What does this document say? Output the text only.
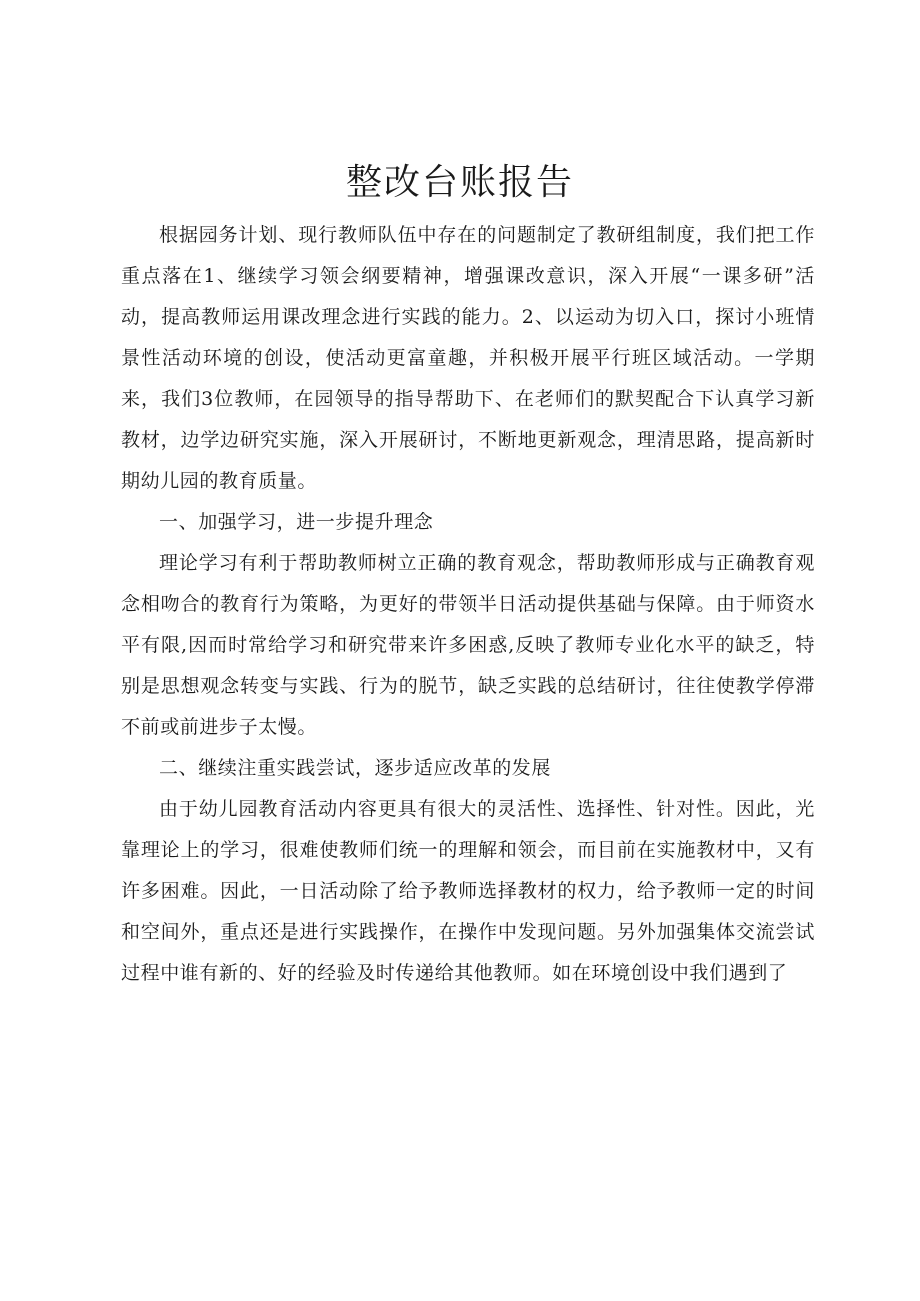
整改台账报告

根据园务计划、现行教师队伍中存在的问题制定了教研组制度，我们把工作重点落在1、继续学习领会纲要精神，增强课改意识，深入开展“一课多研”活动，提高教师运用课改理念进行实践的能力。2、以运动为切入口，探讨小班情景性活动环境的创设，使活动更富童趣，并积极开展平行班区域活动。一学期来，我们3位教师，在园领导的指导帮助下、在老师们的默契配合下认真学习新教材，边学边研究实施，深入开展研讨，不断地更新观念，理清思路，提高新时期幼儿园的教育质量。

一、加强学习，进一步提升理念

理论学习有利于帮助教师树立正确的教育观念，帮助教师形成与正确教育观念相吻合的教育行为策略，为更好的带领半日活动提供基础与保障。由于师资水平有限,因而时常给学习和研究带来许多困惑,反映了教师专业化水平的缺乏，特别是思想观念转变与实践、行为的脱节，缺乏实践的总结研讨，往往使教学停滞不前或前进步子太慢。

二、继续注重实践尝试，逐步适应改革的发展

由于幼儿园教育活动内容更具有很大的灵活性、选择性、针对性。因此，光靠理论上的学习，很难使教师们统一的理解和领会，而目前在实施教材中，又有许多困难。因此，一日活动除了给予教师选择教材的权力，给予教师一定的时间和空间外，重点还是进行实践操作，在操作中发现问题。另外加强集体交流尝试过程中谁有新的、好的经验及时传递给其他教师。如在环境创设中我们遇到了
